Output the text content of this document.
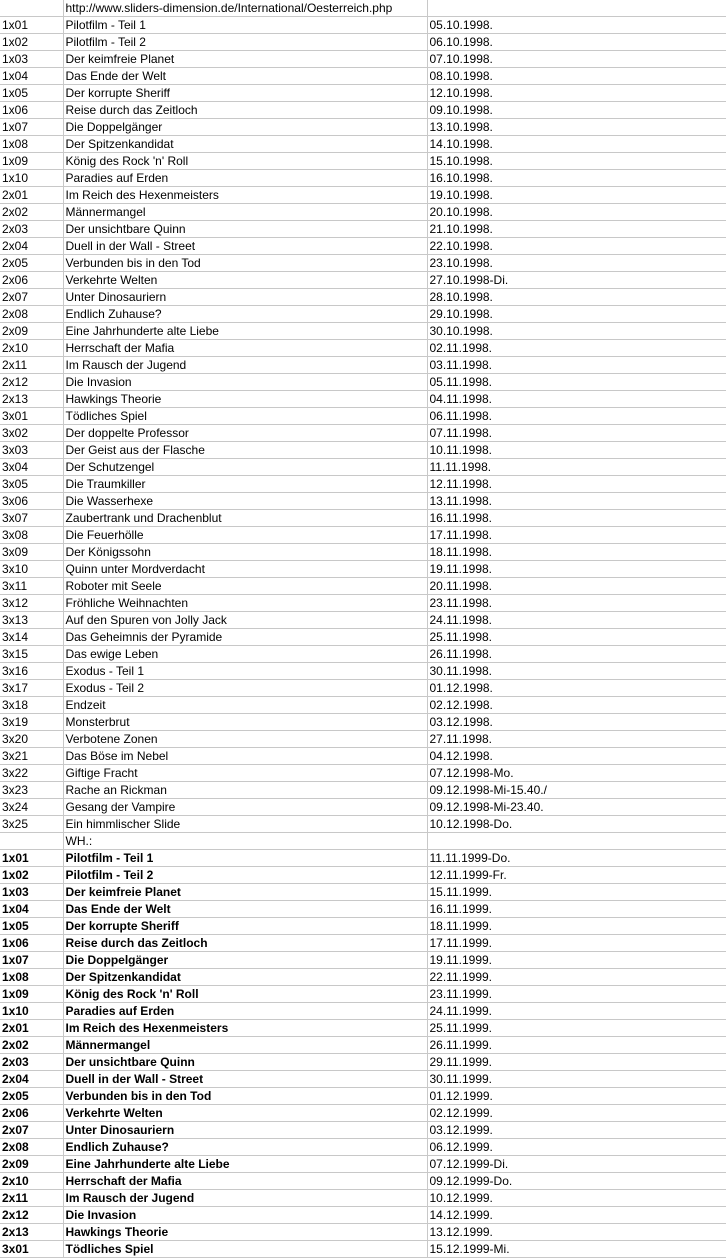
	http://www.sliders-dimension.de/International/Oesterreich.php	
1x01	Pilotfilm - Teil 1	05.10.1998.
1x02	Pilotfilm - Teil 2	06.10.1998.
1x03	Der keimfreie Planet	07.10.1998.
1x04	Das Ende der Welt	08.10.1998.
1x05	Der korrupte Sheriff	12.10.1998.
1x06	Reise durch das Zeitloch	09.10.1998.
1x07	Die Doppelgänger	13.10.1998.
1x08	Der Spitzenkandidat	14.10.1998.
1x09	König des Rock 'n' Roll	15.10.1998.
1x10	Paradies auf Erden	16.10.1998.
2x01	Im Reich des Hexenmeisters	19.10.1998.
2x02	Männermangel	20.10.1998.
2x03	Der unsichtbare Quinn	21.10.1998.
2x04	Duell in der Wall - Street	22.10.1998.
2x05	Verbunden bis in den Tod	23.10.1998.
2x06	Verkehrte Welten	27.10.1998-Di.
2x07	Unter Dinosauriern	28.10.1998.
2x08	Endlich Zuhause?	29.10.1998.
2x09	Eine Jahrhunderte alte Liebe	30.10.1998.
2x10	Herrschaft der Mafia	02.11.1998.
2x11	Im Rausch der Jugend	03.11.1998.
2x12	Die Invasion	05.11.1998.
2x13	Hawkings Theorie	04.11.1998.
3x01	Tödliches Spiel	06.11.1998.
3x02	Der doppelte Professor	07.11.1998.
3x03	Der Geist aus der Flasche	10.11.1998.
3x04	Der Schutzengel	11.11.1998.
3x05	Die Traumkiller	12.11.1998.
3x06	Die Wasserhexe	13.11.1998.
3x07	Zaubertrank und Drachenblut	16.11.1998.
3x08	Die Feuerhölle	17.11.1998.
3x09	Der Königssohn	18.11.1998.
3x10	Quinn unter Mordverdacht	19.11.1998.
3x11	Roboter mit Seele	20.11.1998.
3x12	Fröhliche Weihnachten	23.11.1998.
3x13	Auf den Spuren von Jolly Jack	24.11.1998.
3x14	Das Geheimnis der Pyramide	25.11.1998.
3x15	Das ewige Leben	26.11.1998.
3x16	Exodus - Teil 1	30.11.1998.
3x17	Exodus - Teil 2	01.12.1998.
3x18	Endzeit	02.12.1998.
3x19	Monsterbrut	03.12.1998.
3x20	Verbotene Zonen	27.11.1998.
3x21	Das Böse im Nebel	04.12.1998.
3x22	Giftige Fracht	07.12.1998-Mo.
3x23	Rache an Rickman	09.12.1998-Mi-15.40./
3x24	Gesang der Vampire	09.12.1998-Mi-23.40.
3x25	Ein himmlischer Slide	10.12.1998-Do.
	WH.:	
1x01	Pilotfilm - Teil 1	11.11.1999-Do.
1x02	Pilotfilm - Teil 2	12.11.1999-Fr.
1x03	Der keimfreie Planet	15.11.1999.
1x04	Das Ende der Welt	16.11.1999.
1x05	Der korrupte Sheriff	18.11.1999.
1x06	Reise durch das Zeitloch	17.11.1999.
1x07	Die Doppelgänger	19.11.1999.
1x08	Der Spitzenkandidat	22.11.1999.
1x09	König des Rock 'n' Roll	23.11.1999.
1x10	Paradies auf Erden	24.11.1999.
2x01	Im Reich des Hexenmeisters	25.11.1999.
2x02	Männermangel	26.11.1999.
2x03	Der unsichtbare Quinn	29.11.1999.
2x04	Duell in der Wall - Street	30.11.1999.
2x05	Verbunden bis in den Tod	01.12.1999.
2x06	Verkehrte Welten	02.12.1999.
2x07	Unter Dinosauriern	03.12.1999.
2x08	Endlich Zuhause?	06.12.1999.
2x09	Eine Jahrhunderte alte Liebe	07.12.1999-Di.
2x10	Herrschaft der Mafia	09.12.1999-Do.
2x11	Im Rausch der Jugend	10.12.1999.
2x12	Die Invasion	14.12.1999.
2x13	Hawkings Theorie	13.12.1999.
3x01	Tödliches Spiel	15.12.1999-Mi.
